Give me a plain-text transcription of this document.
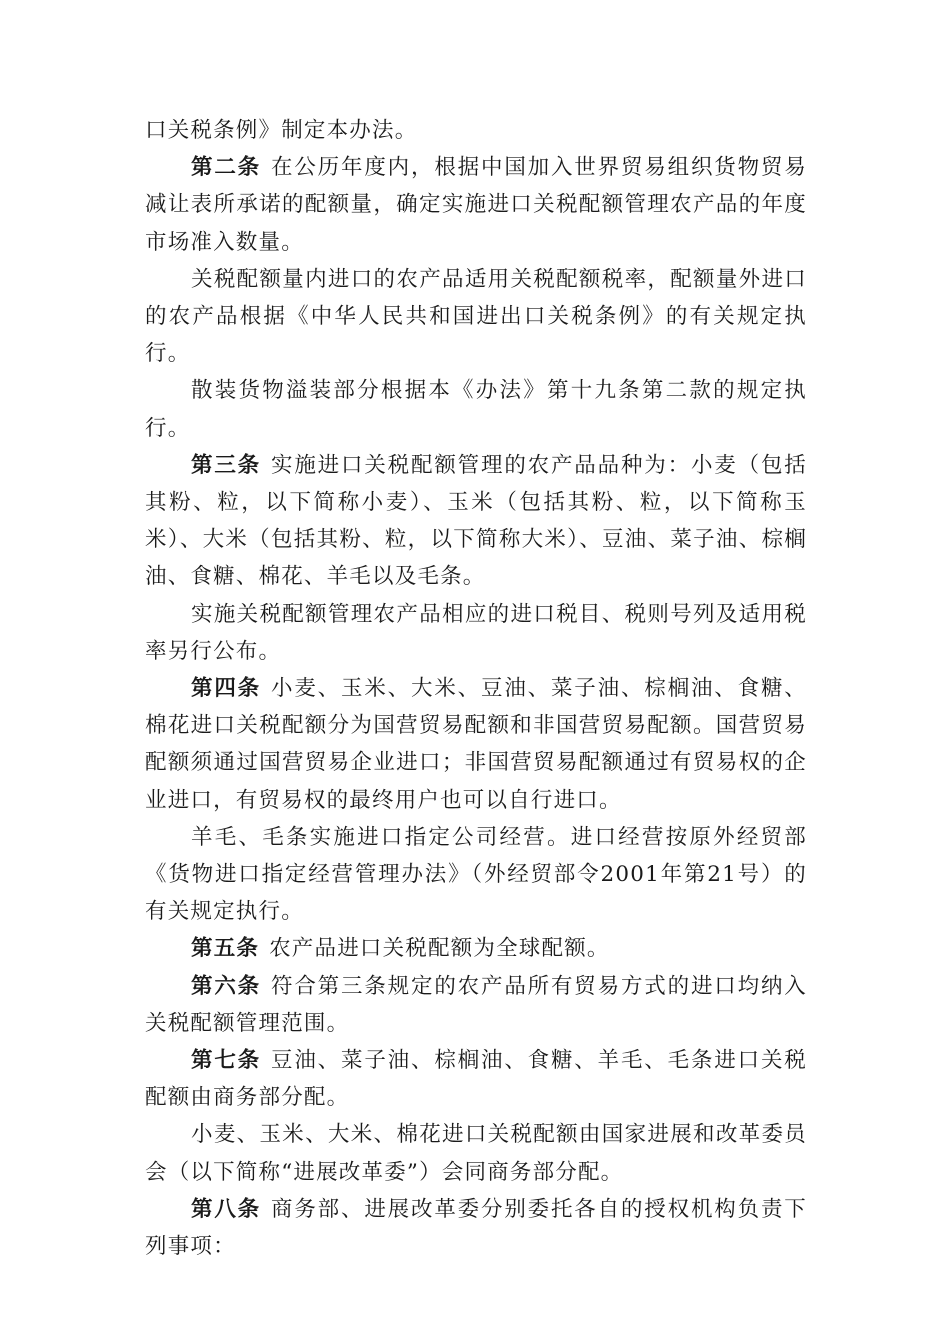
口关税条例》制定本办法。

第二条 在公历年度内，根据中国加入世界贸易组织货物贸易减让表所承诺的配额量，确定实施进口关税配额管理农产品的年度市场准入数量。

关税配额量内进口的农产品适用关税配额税率，配额量外进口的农产品根据《中华人民共和国进出口关税条例》的有关规定执行。

散装货物溢装部分根据本《办法》第十九条第二款的规定执行。

第三条 实施进口关税配额管理的农产品品种为：小麦（包括其粉、粒，以下简称小麦）、玉米（包括其粉、粒，以下简称玉米）、大米（包括其粉、粒，以下简称大米）、豆油、菜子油、棕榈油、食糖、棉花、羊毛以及毛条。

实施关税配额管理农产品相应的进口税目、税则号列及适用税率另行公布。

第四条 小麦、玉米、大米、豆油、菜子油、棕榈油、食糖、棉花进口关税配额分为国营贸易配额和非国营贸易配额。国营贸易配额须通过国营贸易企业进口；非国营贸易配额通过有贸易权的企业进口，有贸易权的最终用户也可以自行进口。

羊毛、毛条实施进口指定公司经营。进口经营按原外经贸部《货物进口指定经营管理办法》（外经贸部令2001年第21号）的有关规定执行。

第五条 农产品进口关税配额为全球配额。

第六条 符合第三条规定的农产品所有贸易方式的进口均纳入关税配额管理范围。

第七条 豆油、菜子油、棕榈油、食糖、羊毛、毛条进口关税配额由商务部分配。

小麦、玉米、大米、棉花进口关税配额由国家进展和改革委员会（以下简称“进展改革委”）会同商务部分配。

第八条 商务部、进展改革委分别委托各自的授权机构负责下列事项：
